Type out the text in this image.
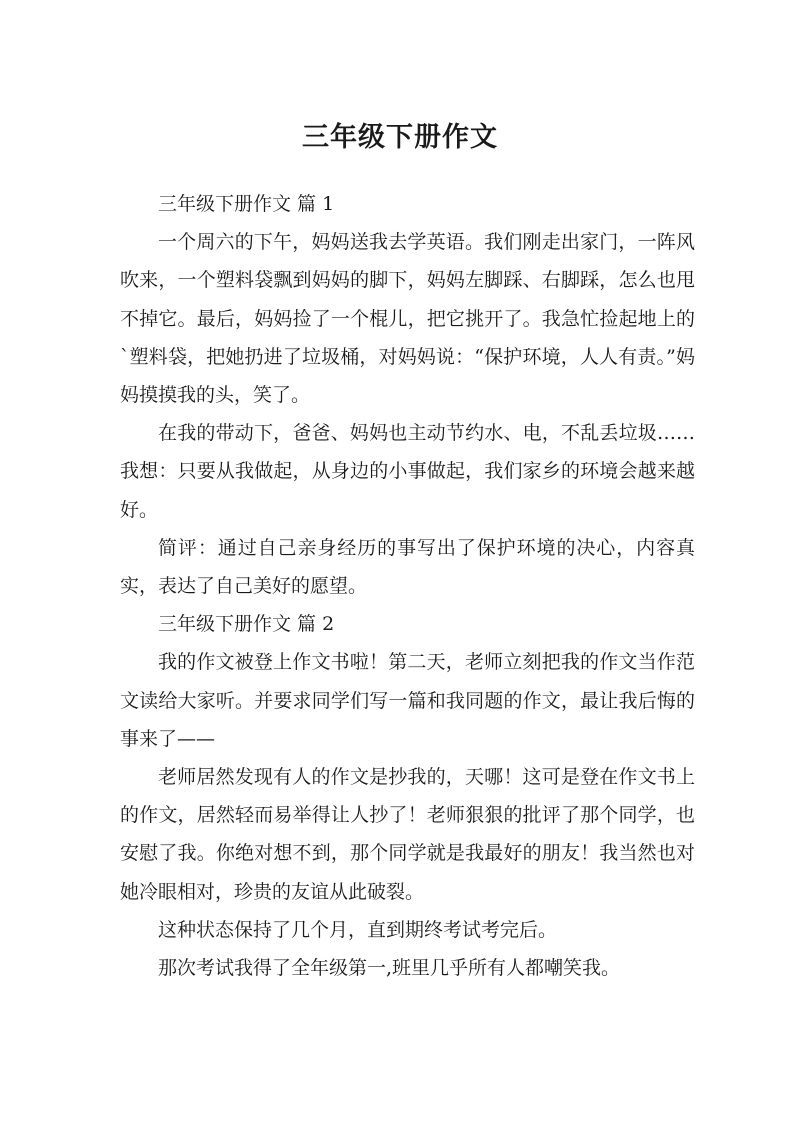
三年级下册作文

三年级下册作文 篇 1

一个周六的下午，妈妈送我去学英语。我们刚走出家门，一阵风吹来，一个塑料袋飘到妈妈的脚下，妈妈左脚踩、右脚踩，怎么也甩不掉它。最后，妈妈捡了一个棍儿，把它挑开了。我急忙捡起地上的`塑料袋，把她扔进了垃圾桶，对妈妈说：“保护环境，人人有责。”妈妈摸摸我的头，笑了。

在我的带动下，爸爸、妈妈也主动节约水、电，不乱丢垃圾……我想：只要从我做起，从身边的小事做起，我们家乡的环境会越来越好。

简评：通过自己亲身经历的事写出了保护环境的决心，内容真实，表达了自己美好的愿望。

三年级下册作文 篇 2

我的作文被登上作文书啦！第二天，老师立刻把我的作文当作范文读给大家听。并要求同学们写一篇和我同题的作文，最让我后悔的事来了——

老师居然发现有人的作文是抄我的，天哪！这可是登在作文书上的作文，居然轻而易举得让人抄了！老师狠狠的批评了那个同学，也安慰了我。你绝对想不到，那个同学就是我最好的朋友！我当然也对她冷眼相对，珍贵的友谊从此破裂。

这种状态保持了几个月，直到期终考试考完后。

那次考试我得了全年级第一,班里几乎所有人都嘲笑我。
